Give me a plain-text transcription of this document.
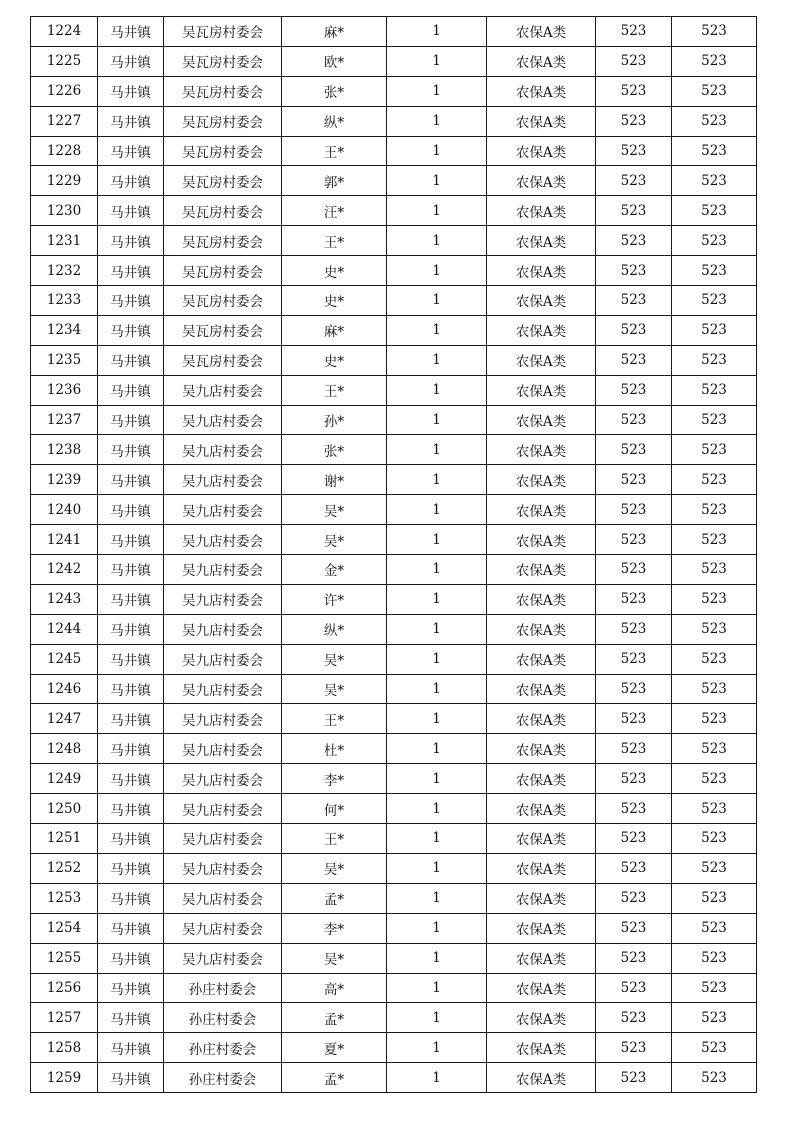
1224	马井镇	吴瓦房村委会	麻*	1	农保A类	523	523
1225	马井镇	吴瓦房村委会	欧*	1	农保A类	523	523
1226	马井镇	吴瓦房村委会	张*	1	农保A类	523	523
1227	马井镇	吴瓦房村委会	纵*	1	农保A类	523	523
1228	马井镇	吴瓦房村委会	王*	1	农保A类	523	523
1229	马井镇	吴瓦房村委会	郭*	1	农保A类	523	523
1230	马井镇	吴瓦房村委会	汪*	1	农保A类	523	523
1231	马井镇	吴瓦房村委会	王*	1	农保A类	523	523
1232	马井镇	吴瓦房村委会	史*	1	农保A类	523	523
1233	马井镇	吴瓦房村委会	史*	1	农保A类	523	523
1234	马井镇	吴瓦房村委会	麻*	1	农保A类	523	523
1235	马井镇	吴瓦房村委会	史*	1	农保A类	523	523
1236	马井镇	吴九店村委会	王*	1	农保A类	523	523
1237	马井镇	吴九店村委会	孙*	1	农保A类	523	523
1238	马井镇	吴九店村委会	张*	1	农保A类	523	523
1239	马井镇	吴九店村委会	谢*	1	农保A类	523	523
1240	马井镇	吴九店村委会	吴*	1	农保A类	523	523
1241	马井镇	吴九店村委会	吴*	1	农保A类	523	523
1242	马井镇	吴九店村委会	金*	1	农保A类	523	523
1243	马井镇	吴九店村委会	许*	1	农保A类	523	523
1244	马井镇	吴九店村委会	纵*	1	农保A类	523	523
1245	马井镇	吴九店村委会	吴*	1	农保A类	523	523
1246	马井镇	吴九店村委会	吴*	1	农保A类	523	523
1247	马井镇	吴九店村委会	王*	1	农保A类	523	523
1248	马井镇	吴九店村委会	杜*	1	农保A类	523	523
1249	马井镇	吴九店村委会	李*	1	农保A类	523	523
1250	马井镇	吴九店村委会	何*	1	农保A类	523	523
1251	马井镇	吴九店村委会	王*	1	农保A类	523	523
1252	马井镇	吴九店村委会	吴*	1	农保A类	523	523
1253	马井镇	吴九店村委会	孟*	1	农保A类	523	523
1254	马井镇	吴九店村委会	李*	1	农保A类	523	523
1255	马井镇	吴九店村委会	吴*	1	农保A类	523	523
1256	马井镇	孙庄村委会	高*	1	农保A类	523	523
1257	马井镇	孙庄村委会	孟*	1	农保A类	523	523
1258	马井镇	孙庄村委会	夏*	1	农保A类	523	523
1259	马井镇	孙庄村委会	孟*	1	农保A类	523	523
